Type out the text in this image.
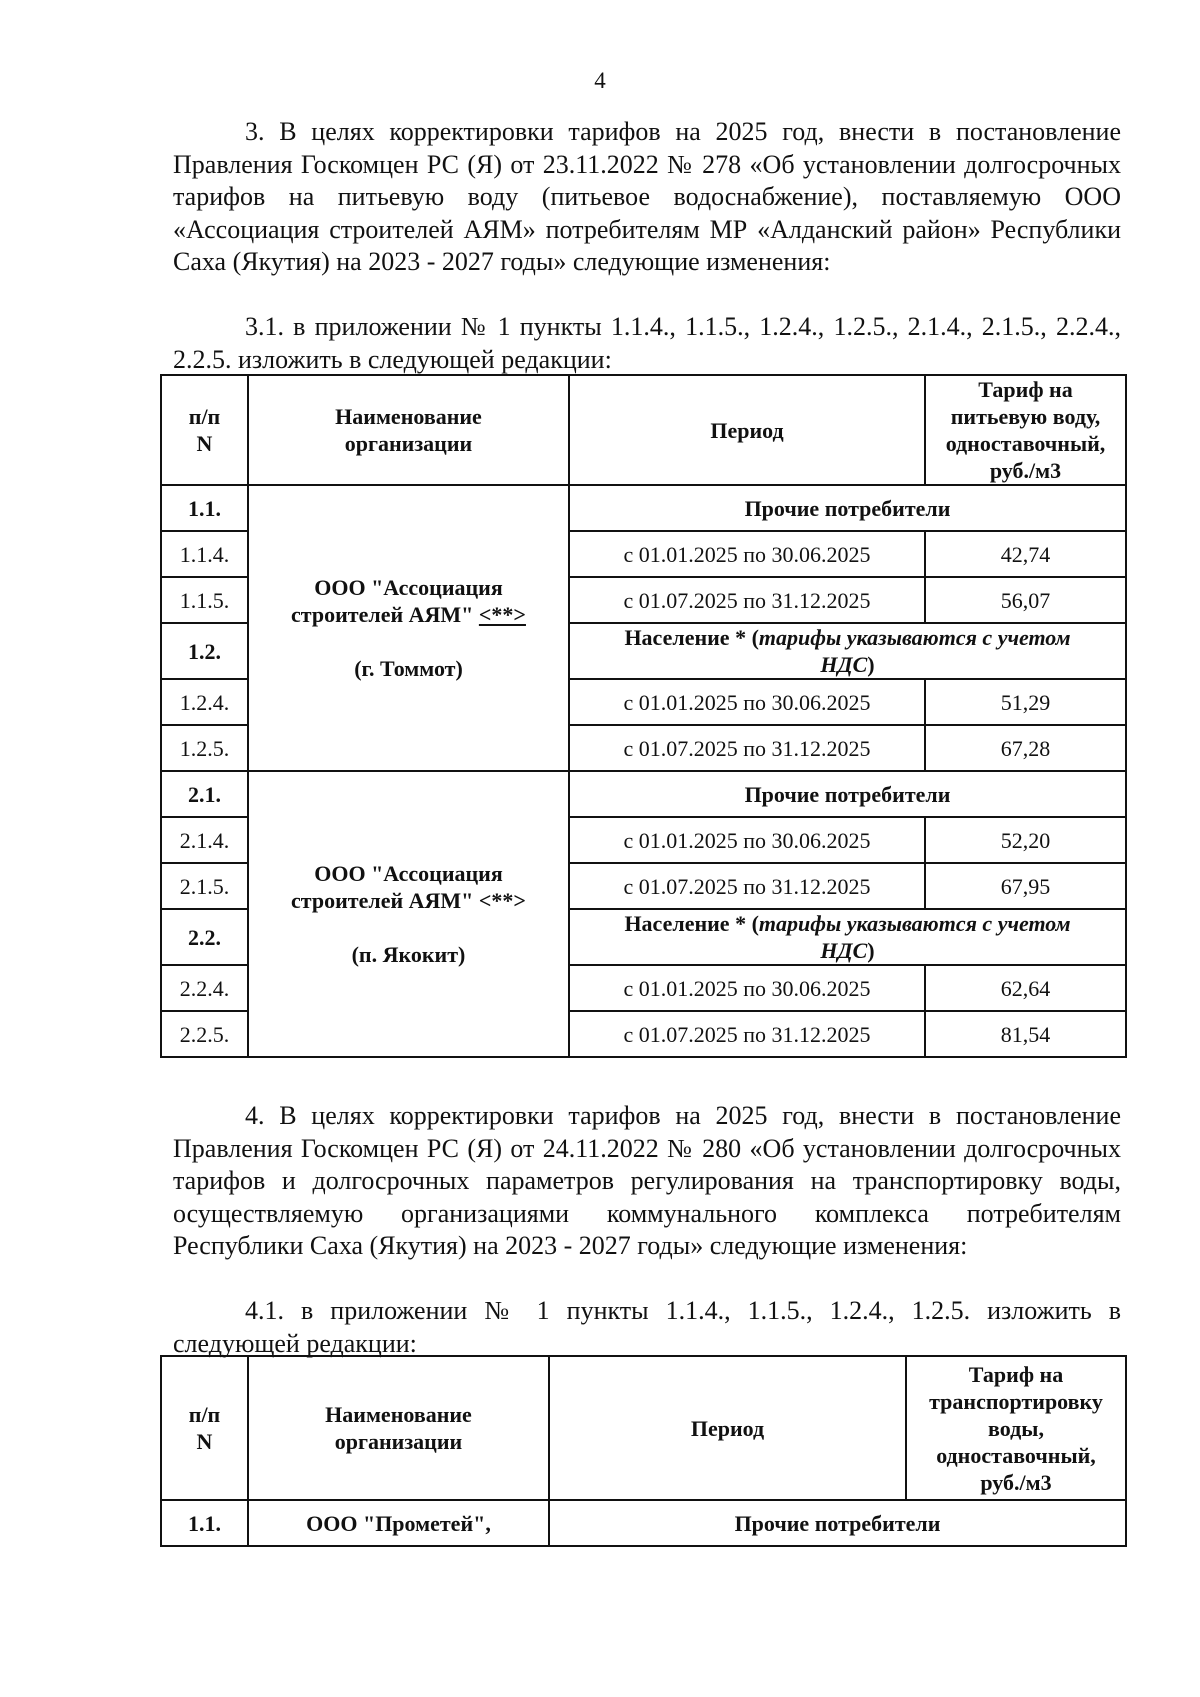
4

3. В целях корректировки тарифов на 2025 год, внести в постановление Правления Госкомцен РС (Я) от 23.11.2022 № 278 «Об установлении долгосрочных тарифов на питьевую воду (питьевое водоснабжение), поставляемую ООО «Ассоциация строителей АЯМ» потребителям МР «Алданский район» Республики Саха (Якутия) на 2023 - 2027 годы» следующие изменения:

3.1. в приложении № 1 пункты 1.1.4., 1.1.5., 1.2.4., 1.2.5., 2.1.4., 2.1.5., 2.2.4., 2.2.5. изложить в следующей редакции:

п/п
N	Наименование
организации	Период	Тариф на
питьевую воду,
одноставочный,
руб./м3
1.1.	ООО "Ассоциация
строителей АЯМ" <**>

(г. Томмот)	Прочие потребители	
1.1.4.		с 01.01.2025 по 30.06.2025	42,74
1.1.5.		с 01.07.2025 по 31.12.2025	56,07
1.2.		Население * (тарифы указываются с учетом
НДС)	
1.2.4.		с 01.01.2025 по 30.06.2025	51,29
1.2.5.		с 01.07.2025 по 31.12.2025	67,28
2.1.	ООО "Ассоциация
строителей АЯМ" <**>

(п. Якокит)	Прочие потребители	
2.1.4.		с 01.01.2025 по 30.06.2025	52,20
2.1.5.		с 01.07.2025 по 31.12.2025	67,95
2.2.		Население * (тарифы указываются с учетом
НДС)	
2.2.4.		с 01.01.2025 по 30.06.2025	62,64
2.2.5.		с 01.07.2025 по 31.12.2025	81,54

4. В целях корректировки тарифов на 2025 год, внести в постановление Правления Госкомцен РС (Я) от 24.11.2022 № 280 «Об установлении долгосрочных тарифов и долгосрочных параметров регулирования на транспортировку воды, осуществляемую организациями коммунального комплекса потребителям Республики Саха (Якутия) на 2023 - 2027 годы» следующие изменения:

4.1. в приложении № 1 пункты 1.1.4., 1.1.5., 1.2.4., 1.2.5. изложить в следующей редакции:

п/п
N	Наименование
организации	Период	Тариф на
транспортировку
воды,
одноставочный,
руб./м3
1.1.	ООО "Прометей",	Прочие потребители	
